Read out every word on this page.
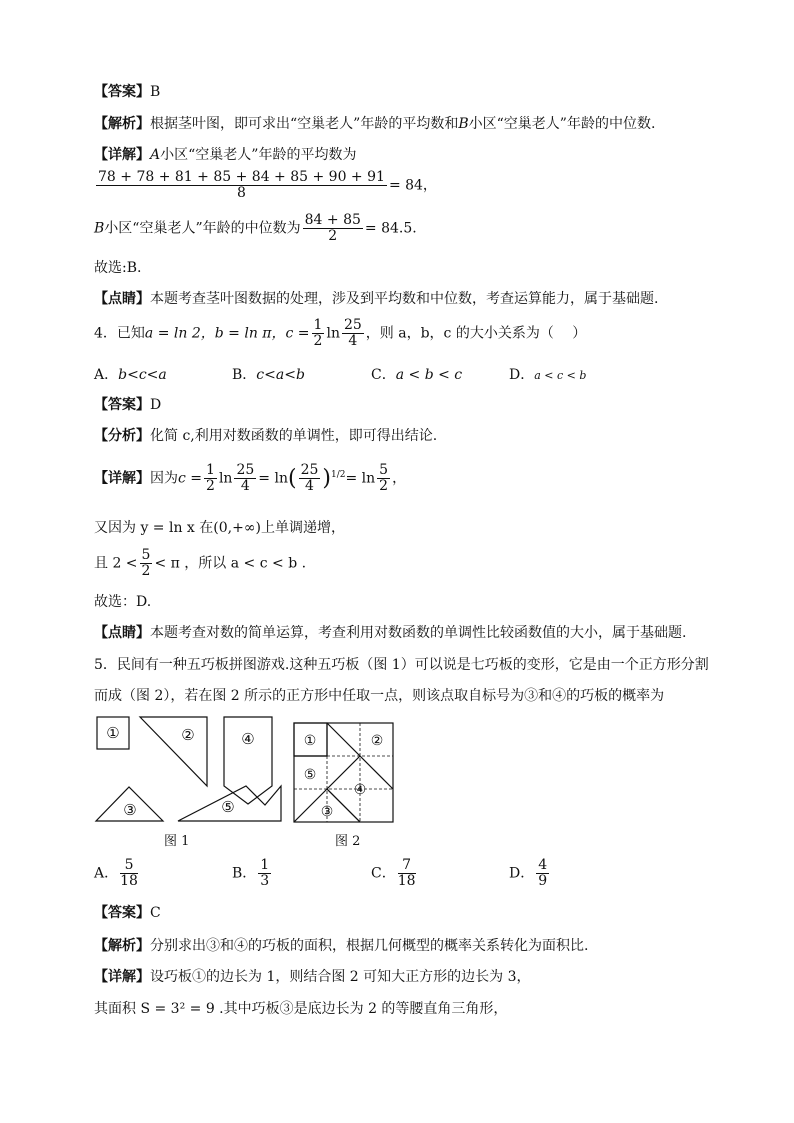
【答案】B
【解析】根据茎叶图，即可求出“空巢老人”年龄的平均数和B小区“空巢老人”年龄的中位数.
【详解】A小区“空巢老人”年龄的平均数为
$\frac{78 + 78 + 81 + 85 + 84 + 85 + 90 + 91}{8} = 84$，
B小区“空巢老人”年龄的中位数为 $\frac{84 + 85}{2} = 84.5$.
故选:B.
【点睛】本题考查茎叶图数据的处理，涉及到平均数和中位数，考查运算能力，属于基础题.
4．已知a = ln 2，b = ln π，$c = \frac{1}{2}$ $\ln \frac{25}{4}$ ，则 a，b，c 的大小关系为（　 ）
A．b<c<a	B．c<a<b	C．a < b < c	D．a < c < b
【答案】D
【分析】化简 c,利用对数函数的单调性，即可得出结论.
【详解】因为$c = \frac{1}{2}$ $\ln \frac{25}{4} = \ln( \frac{25}{4} )^{1/2}= \ln \frac{5}{2}$ ，
又因为 y = ln x 在(0,+∞)上单调递增，
且 $2 < \frac{5}{2} < \pi$ ，所以 a < c < b .
故选：D.
【点睛】本题考查对数的简单运算，考查利用对数函数的单调性比较函数值的大小，属于基础题.
5．民间有一种五巧板拼图游戏.这种五巧板（图 1）可以说是七巧板的变形，它是由一个正方形分割
而成（图 2），若在图 2 所示的正方形中任取一点，则该点取自标号为③和④的巧板的概率为
①	②	④
③	⑤
图 1
①	②
⑤
④
③
图 2
A． $\frac{5}{18}$	B． $\frac{1}{3}$	C． $\frac{7}{18}$	D． $\frac{4}{9}$
【答案】C
【解析】分别求出③和④的巧板的面积，根据几何概型的概率关系转化为面积比.
【详解】设巧板①的边长为 1，则结合图 2 可知大正方形的边长为 3，
其面积 S = 3² = 9 .其中巧板③是底边长为 2 的等腰直角三角形，
